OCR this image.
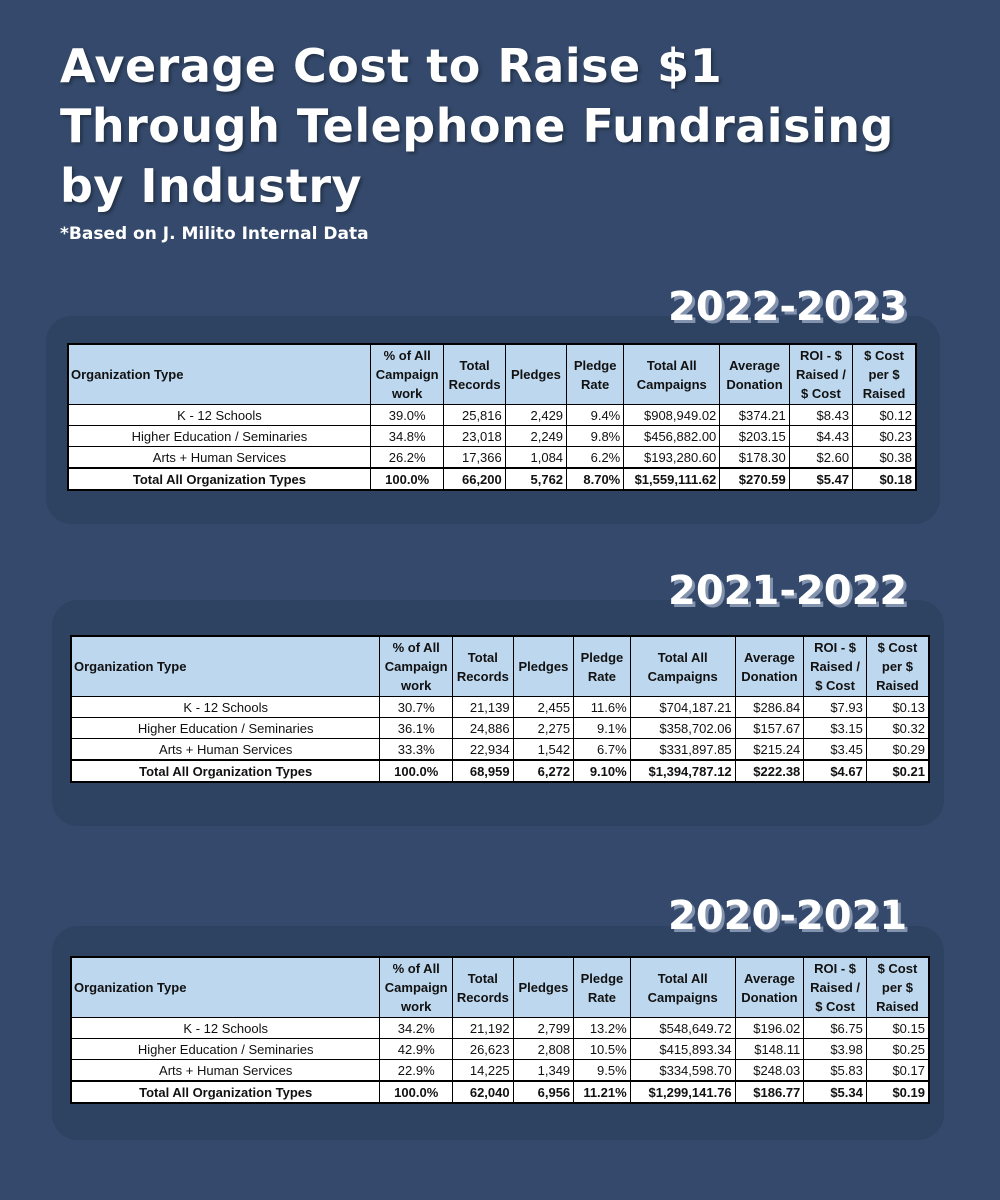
Average Cost to Raise $1
Through Telephone Fundraising
by Industry
*Based on J. Milito Internal Data
2022-2023
Organization Type	% of All Campaign work	Total Records	Pledges	Pledge Rate	Total All Campaigns	Average Donation	ROI - $ Raised / $ Cost	$ Cost per $ Raised
K - 12 Schools	39.0%	25,816	2,429	9.4%	$908,949.02	$374.21	$8.43	$0.12
Higher Education / Seminaries	34.8%	23,018	2,249	9.8%	$456,882.00	$203.15	$4.43	$0.23
Arts + Human Services	26.2%	17,366	1,084	6.2%	$193,280.60	$178.30	$2.60	$0.38
Total All Organization Types	100.0%	66,200	5,762	8.70%	$1,559,111.62	$270.59	$5.47	$0.18
2021-2022
Organization Type	% of All Campaign work	Total Records	Pledges	Pledge Rate	Total All Campaigns	Average Donation	ROI - $ Raised / $ Cost	$ Cost per $ Raised
K - 12 Schools	30.7%	21,139	2,455	11.6%	$704,187.21	$286.84	$7.93	$0.13
Higher Education / Seminaries	36.1%	24,886	2,275	9.1%	$358,702.06	$157.67	$3.15	$0.32
Arts + Human Services	33.3%	22,934	1,542	6.7%	$331,897.85	$215.24	$3.45	$0.29
Total All Organization Types	100.0%	68,959	6,272	9.10%	$1,394,787.12	$222.38	$4.67	$0.21
2020-2021
Organization Type	% of All Campaign work	Total Records	Pledges	Pledge Rate	Total All Campaigns	Average Donation	ROI - $ Raised / $ Cost	$ Cost per $ Raised
K - 12 Schools	34.2%	21,192	2,799	13.2%	$548,649.72	$196.02	$6.75	$0.15
Higher Education / Seminaries	42.9%	26,623	2,808	10.5%	$415,893.34	$148.11	$3.98	$0.25
Arts + Human Services	22.9%	14,225	1,349	9.5%	$334,598.70	$248.03	$5.83	$0.17
Total All Organization Types	100.0%	62,040	6,956	11.21%	$1,299,141.76	$186.77	$5.34	$0.19
